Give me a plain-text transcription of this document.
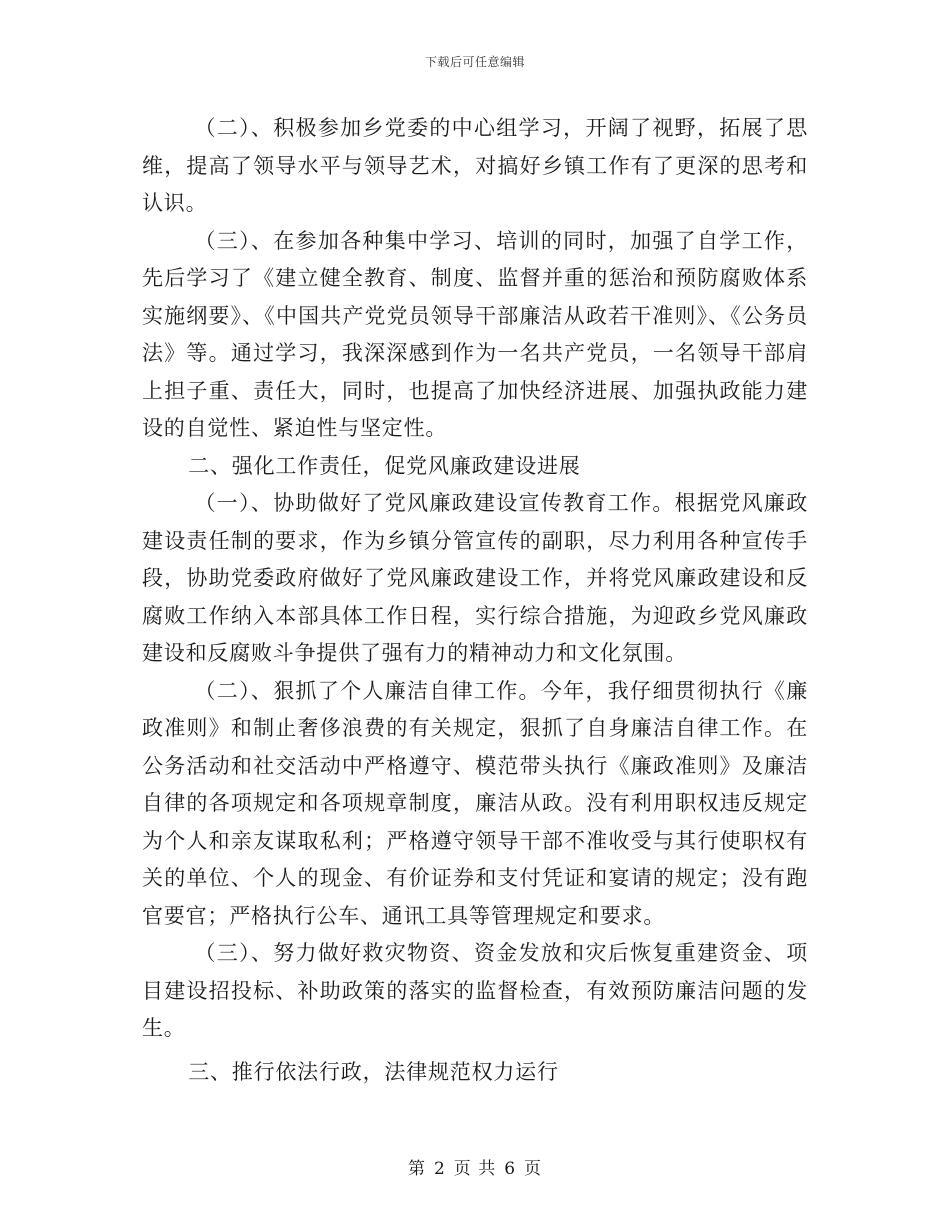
下载后可任意编辑

（二）、积极参加乡党委的中心组学习，开阔了视野，拓展了思维，提高了领导水平与领导艺术，对搞好乡镇工作有了更深的思考和认识。

（三）、在参加各种集中学习、培训的同时，加强了自学工作，先后学习了《建立健全教育、制度、监督并重的惩治和预防腐败体系实施纲要》、《中国共产党党员领导干部廉洁从政若干准则》、《公务员法》等。通过学习，我深深感到作为一名共产党员，一名领导干部肩上担子重、责任大，同时，也提高了加快经济进展、加强执政能力建设的自觉性、紧迫性与坚定性。

二、强化工作责任，促党风廉政建设进展

（一）、协助做好了党风廉政建设宣传教育工作。根据党风廉政建设责任制的要求，作为乡镇分管宣传的副职，尽力利用各种宣传手段，协助党委政府做好了党风廉政建设工作，并将党风廉政建设和反腐败工作纳入本部具体工作日程，实行综合措施，为迎政乡党风廉政建设和反腐败斗争提供了强有力的精神动力和文化氛围。

（二）、狠抓了个人廉洁自律工作。今年，我仔细贯彻执行《廉政准则》和制止奢侈浪费的有关规定，狠抓了自身廉洁自律工作。在公务活动和社交活动中严格遵守、模范带头执行《廉政准则》及廉洁自律的各项规定和各项规章制度，廉洁从政。没有利用职权违反规定为个人和亲友谋取私利；严格遵守领导干部不准收受与其行使职权有关的单位、个人的现金、有价证券和支付凭证和宴请的规定；没有跑官要官；严格执行公车、通讯工具等管理规定和要求。

（三）、努力做好救灾物资、资金发放和灾后恢复重建资金、项目建设招投标、补助政策的落实的监督检查，有效预防廉洁问题的发生。

三、推行依法行政，法律规范权力运行

第 2 页 共 6 页
